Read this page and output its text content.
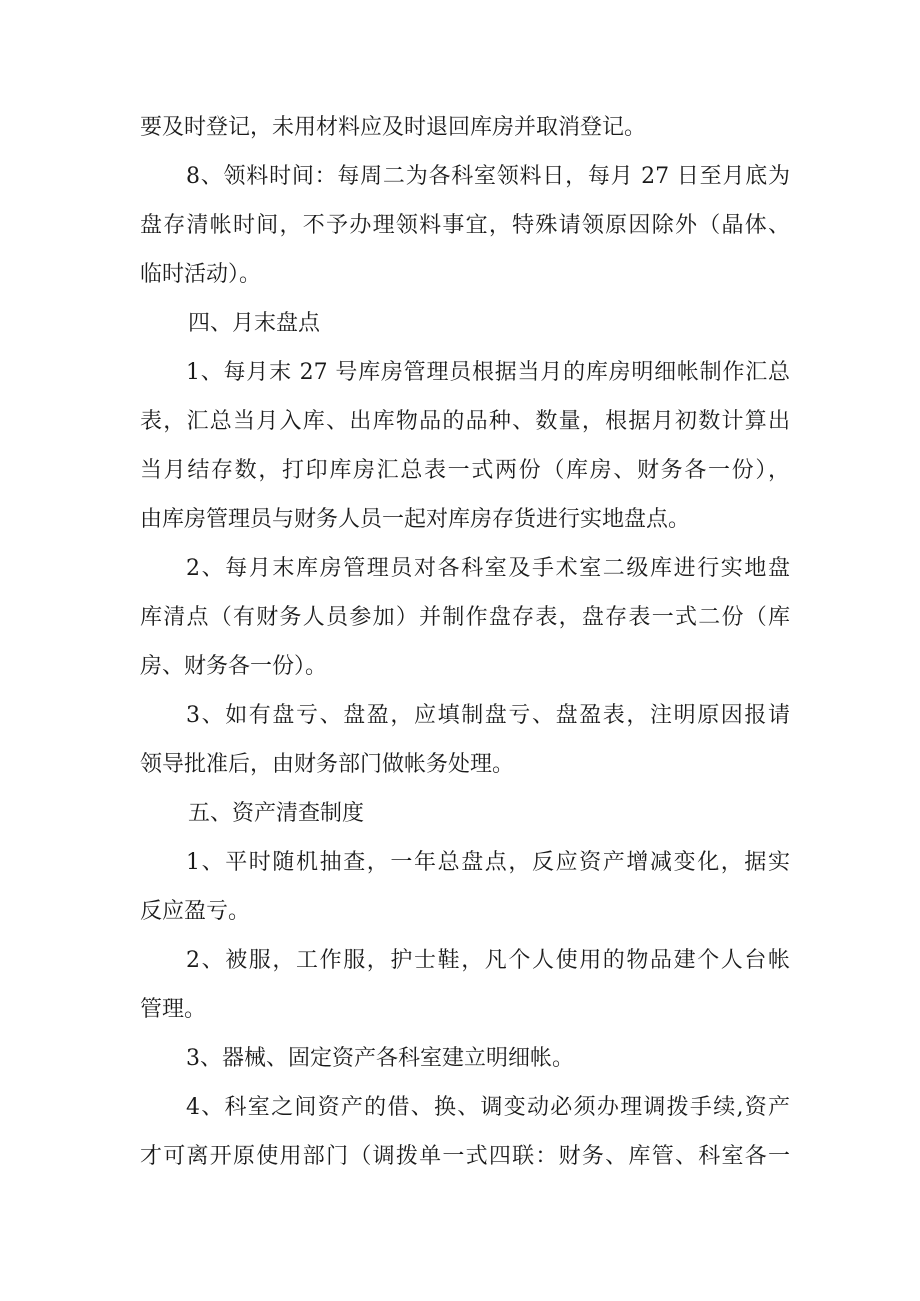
要及时登记，未用材料应及时退回库房并取消登记。

8、领料时间：每周二为各科室领料日，每月 27 日至月底为

盘存清帐时间，不予办理领料事宜，特殊请领原因除外（晶体、

临时活动）。

四、月末盘点

1、每月末 27 号库房管理员根据当月的库房明细帐制作汇总

表，汇总当月入库、出库物品的品种、数量，根据月初数计算出

当月结存数，打印库房汇总表一式两份（库房、财务各一份），

由库房管理员与财务人员一起对库房存货进行实地盘点。

2、每月末库房管理员对各科室及手术室二级库进行实地盘

库清点（有财务人员参加）并制作盘存表，盘存表一式二份（库

房、财务各一份）。

3、如有盘亏、盘盈，应填制盘亏、盘盈表，注明原因报请

领导批准后，由财务部门做帐务处理。

五、资产清查制度

1、平时随机抽查，一年总盘点，反应资产增减变化，据实

反应盈亏。

2、被服，工作服，护士鞋，凡个人使用的物品建个人台帐

管理。

3、器械、固定资产各科室建立明细帐。

4、科室之间资产的借、换、调变动必须办理调拨手续,资产

才可离开原使用部门（调拨单一式四联：财务、库管、科室各一
